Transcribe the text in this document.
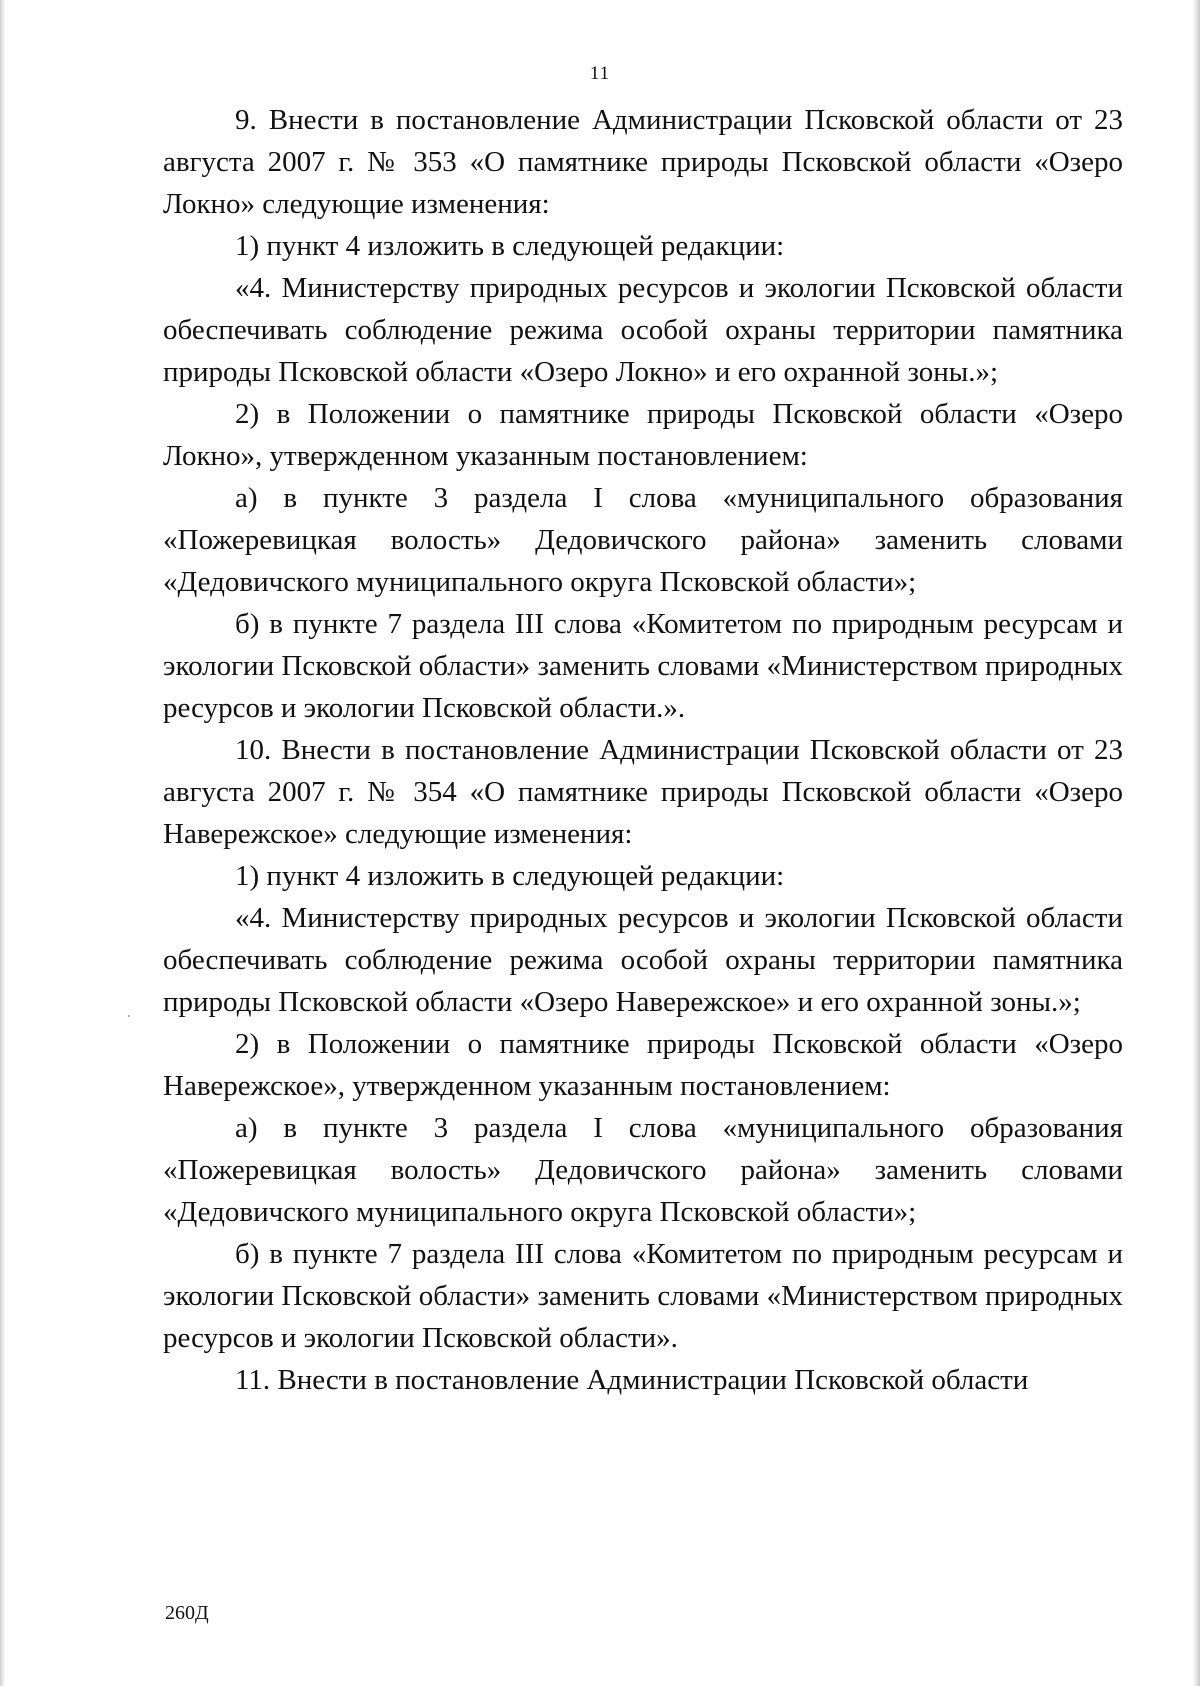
11

9. Внести в постановление Администрации Псковской области от 23 августа 2007 г. № 353 «О памятнике природы Псковской области «Озеро Локно» следующие изменения:

1) пункт 4 изложить в следующей редакции:

«4. Министерству природных ресурсов и экологии Псковской области обеспечивать соблюдение режима особой охраны территории памятника природы Псковской области «Озеро Локно» и его охранной зоны.»;

2) в Положении о памятнике природы Псковской области «Озеро Локно», утвержденном указанным постановлением:

а) в пункте 3 раздела I слова «муниципального образования «Пожеревицкая волость» Дедовичского района» заменить словами «Дедовичского муниципального округа Псковской области»;

б) в пункте 7 раздела III слова «Комитетом по природным ресурсам и экологии Псковской области» заменить словами «Министерством природных ресурсов и экологии Псковской области.».

10. Внести в постановление Администрации Псковской области от 23 августа 2007 г. № 354 «О памятнике природы Псковской области «Озеро Навережское» следующие изменения:

1) пункт 4 изложить в следующей редакции:

«4. Министерству природных ресурсов и экологии Псковской области обеспечивать соблюдение режима особой охраны территории памятника природы Псковской области «Озеро Навережское» и его охранной зоны.»;

2) в Положении о памятнике природы Псковской области «Озеро Навережское», утвержденном указанным постановлением:

а) в пункте 3 раздела I слова «муниципального образования «Пожеревицкая волость» Дедовичского района» заменить словами «Дедовичского муниципального округа Псковской области»;

б) в пункте 7 раздела III слова «Комитетом по природным ресурсам и экологии Псковской области» заменить словами «Министерством природных ресурсов и экологии Псковской области».

11. Внести в постановление Администрации Псковской области

260Д
